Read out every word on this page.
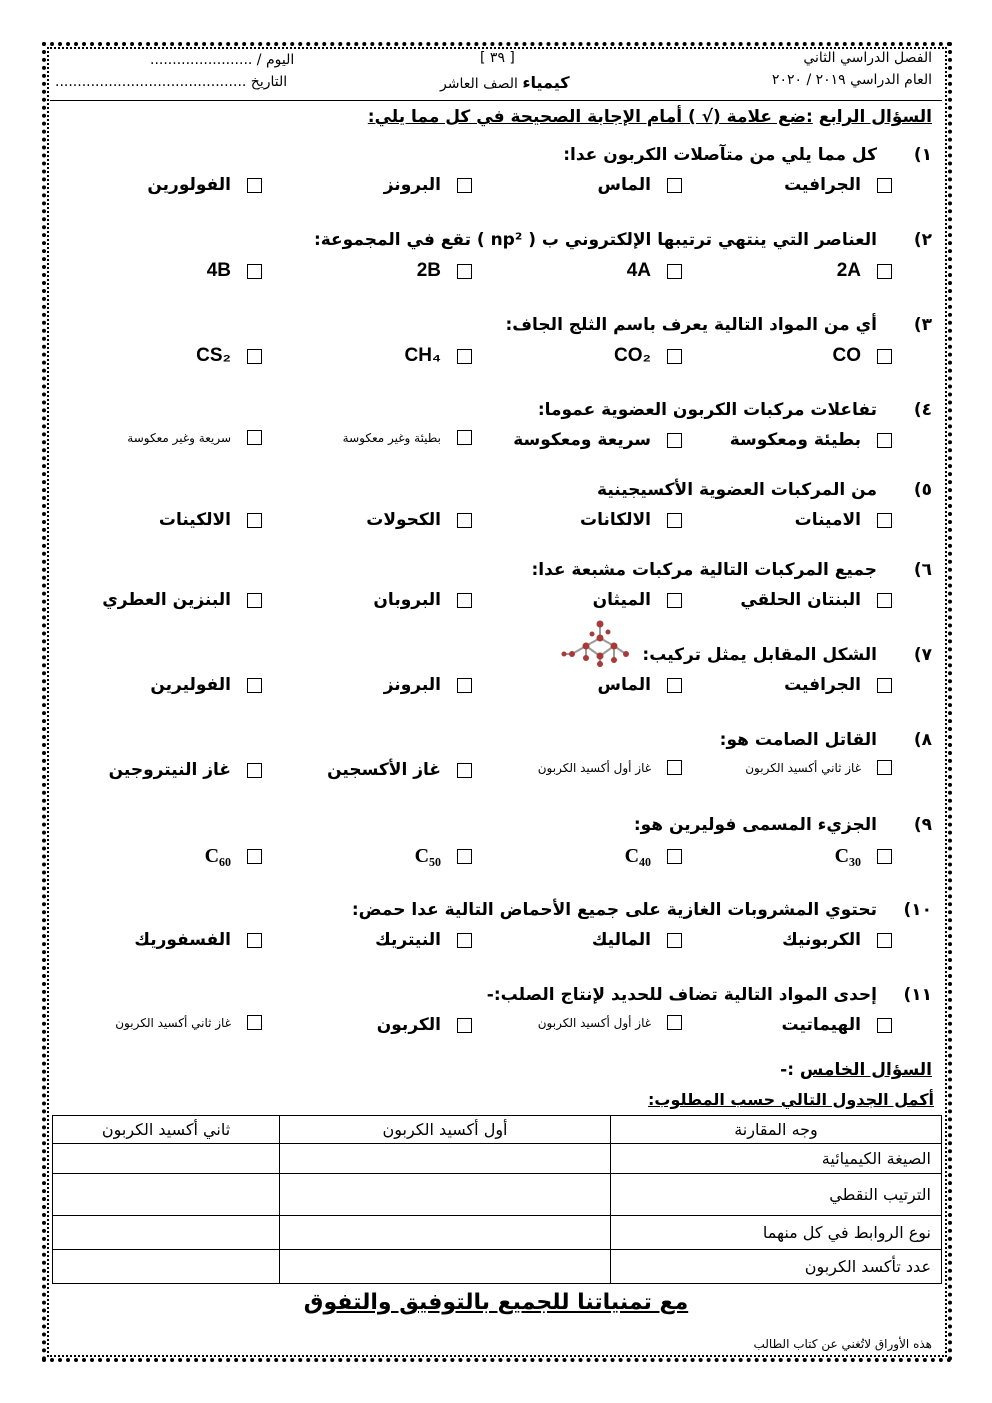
الفصل الدراسي الثاني
العام الدراسي ٢٠١٩ / ٢٠٢٠
[ ٣٩ ]
كيمياء الصف العاشر
اليوم / .......................
التاريخ ...........................................
السؤال الرابع :ضع علامة (√ ) أمام الإجابة الصحيحة في كل مما يلي:
١)
كل مما يلي من متآصلات الكربون عدا:
الجرافيت
الماس
البرونز
الفولورين
٢)
العناصر التي ينتهي ترتيبها الإلكتروني ب ( np² ) تقع في المجموعة:
2A
4A
2B
4B
٣)
أي من المواد التالية يعرف باسم الثلج الجاف:
CO
CO₂
CH₄
CS₂
٤)
تفاعلات مركبات الكربون العضوية عموما:
بطيئة ومعكوسة
سريعة ومعكوسة
بطيئة وغير معكوسة
سريعة وغير معكوسة
٥)
من المركبات العضوية الأكسيجينية
الامينات
الالكانات
الكحولات
الالكينات
٦)
جميع المركبات التالية مركبات مشبعة عدا:
البنتان الحلقي
الميثان
البروبان
البنزين العطري
٧)
الشكل المقابل يمثل تركيب:
الجرافيت
الماس
البرونز
الفوليرين
٨)
القاتل الصامت هو:
غاز ثاني أكسيد الكربون
غاز أول أكسيد الكربون
غاز الأكسجين
غاز النيتروجين
٩)
الجزيء المسمى فوليرين هو:
C₃₀
C₄₀
C₅₀
C₆₀
١٠)
تحتوي المشروبات الغازية على جميع الأحماض التالية عدا حمض:
الكربونيك
الماليك
النيتريك
الفسفوريك
١١)
إحدى المواد التالية تضاف للحديد لإنتاج الصلب:-
الهيماتيت
غاز أول أكسيد الكربون
الكربون
غاز ثاني أكسيد الكربون
السؤال الخامس :-
أكمل الجدول التالي حسب المطلوب:
وجه المقارنة	أول أكسيد الكربون	ثاني أكسيد الكربون
الصيغة الكيميائية		
الترتيب النقطي		
نوع الروابط في كل منهما		
عدد تأكسد الكربون		
مع تمنياتنا للجميع بالتوفيق والتفوق
هذه الأوراق لاتُغني عن كتاب الطالب
